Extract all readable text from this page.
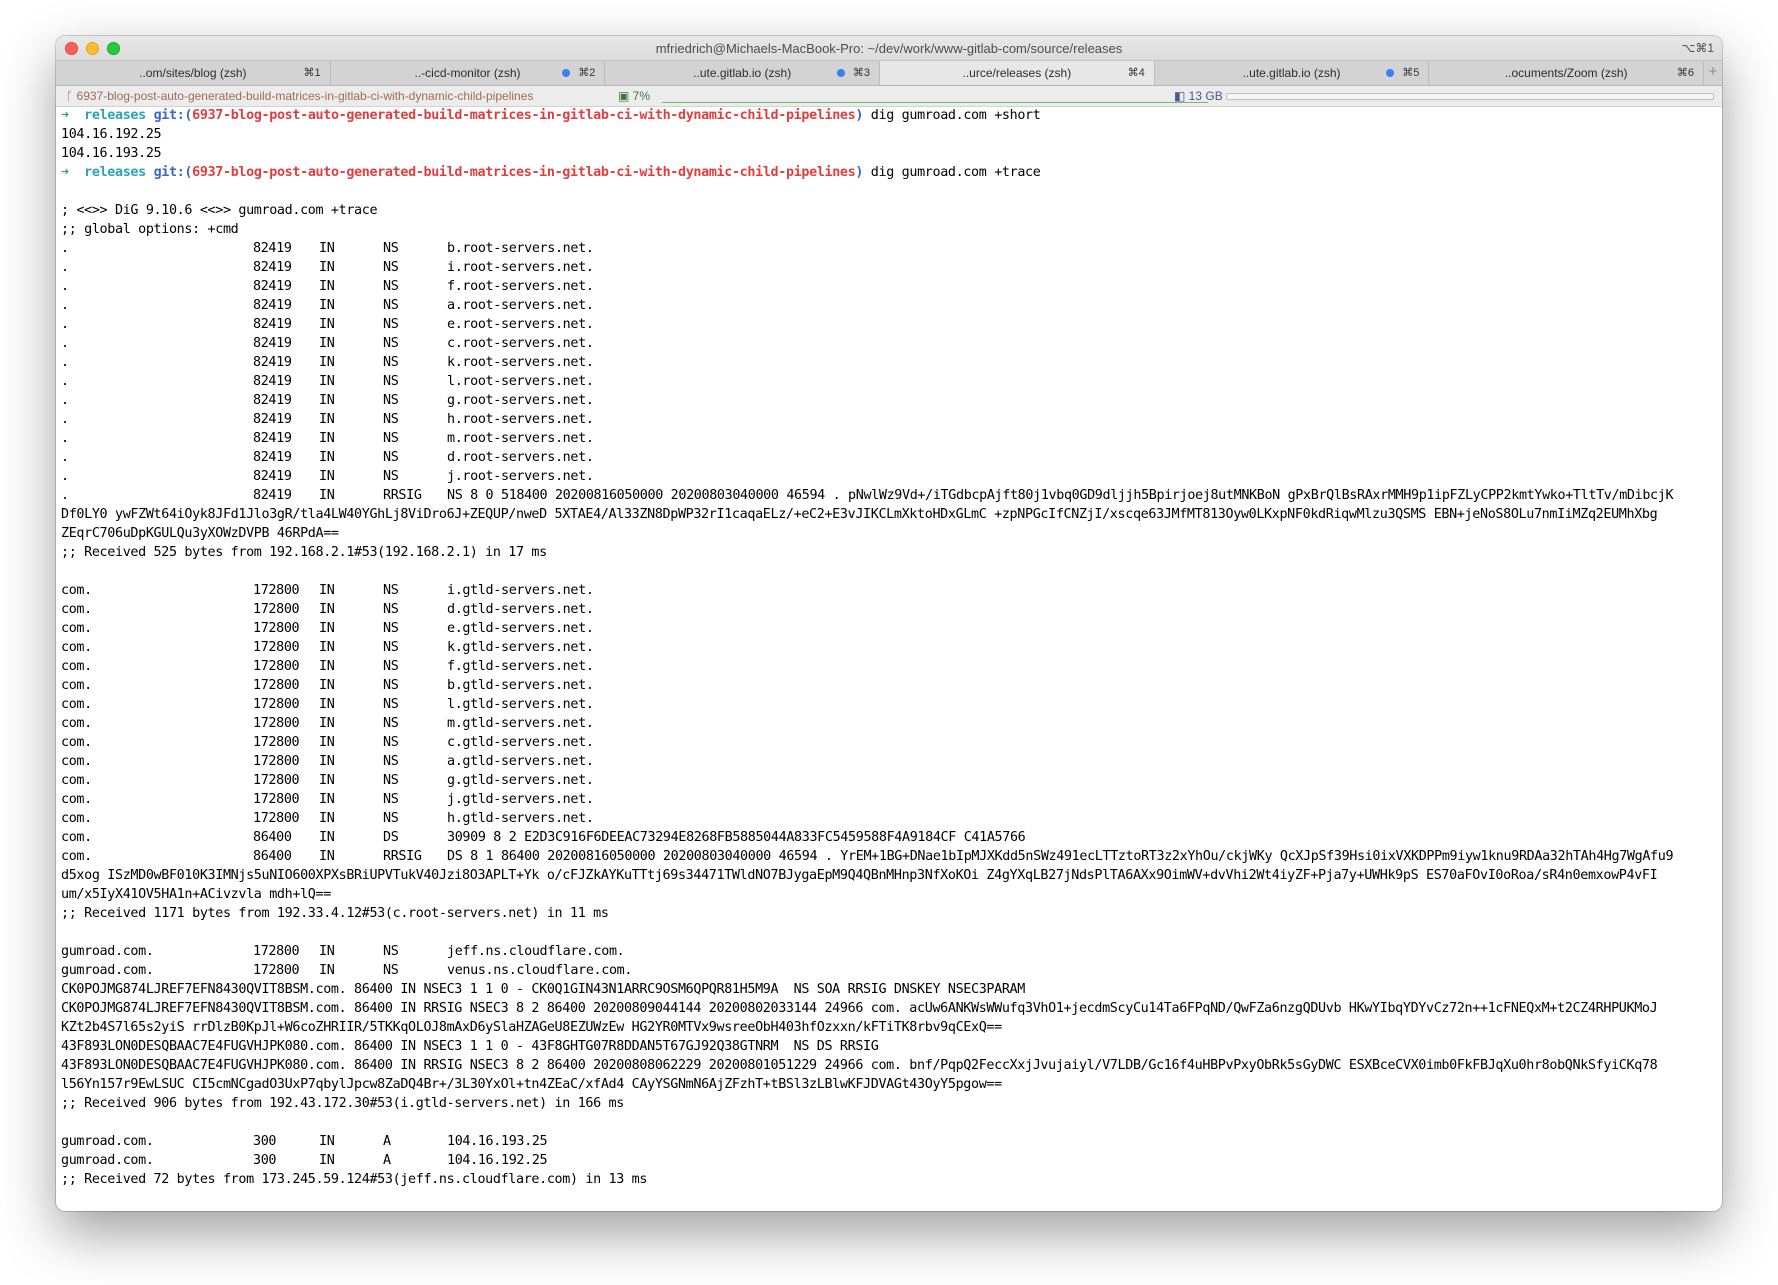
mfriedrich@Michaels-MacBook-Pro: ~/dev/work/www-gitlab-com/source/releases	⌥⌘1
..om/sites/blog (zsh)	⌘1	..-cicd-monitor (zsh)	⌘2	..ute.gitlab.io (zsh)	⌘3	..urce/releases (zsh)	⌘4	..ute.gitlab.io (zsh)	⌘5	..ocuments/Zoom (zsh)	⌘6 +
ᚴ 6937-blog-post-auto-generated-build-matrices-in-gitlab-ci-with-dynamic-child-pipelines	▣ 7%	◧ 13 GB
➜ releases git:(6937-blog-post-auto-generated-build-matrices-in-gitlab-ci-with-dynamic-child-pipelines) dig gumroad.com +short
104.16.192.25
104.16.193.25
➜ releases git:(6937-blog-post-auto-generated-build-matrices-in-gitlab-ci-with-dynamic-child-pipelines) dig gumroad.com +trace
; <<>> DiG 9.10.6 <<>> gumroad.com +trace
;; global options: +cmd
.	82419 IN	NS	b.root-servers.net.
.	82419 IN	NS	i.root-servers.net.
.	82419 IN	NS	f.root-servers.net.
.	82419 IN	NS	a.root-servers.net.
.	82419 IN	NS	e.root-servers.net.
.	82419 IN	NS	c.root-servers.net.
.	82419 IN	NS	k.root-servers.net.
.	82419 IN	NS	l.root-servers.net.
.	82419 IN	NS	g.root-servers.net.
.	82419 IN	NS	h.root-servers.net.
.	82419 IN	NS	m.root-servers.net.
.	82419 IN	NS	d.root-servers.net.
.	82419 IN	NS	j.root-servers.net.
.	82419 IN	RRSIG NS 8 0 518400 20200816050000 20200803040000 46594 . pNwlWz9Vd+/iTGdbcpAjft80j1vbq0GD9dljjh5Bpirjoej8utMNKBoN gPxBrQlBsRAxrMMH9p1ipFZLyCPP2kmtYwko+TltTv/mDibcjK
Df0LY0 ywFZWt64iOyk8JFd1Jlo3gR/tla4LW40YGhLj8ViDro6J+ZEQUP/nweD 5XTAE4/Al33ZN8DpWP32rI1caqaELz/+eC2+E3vJIKCLmXktoHDxGLmC +zpNPGcIfCNZjI/xscqe63JMfMT813Oyw0LKxpNF0kdRiqwMlzu3QSMS EBN+jeNoS8OLu7nmIiMZq2EUMhXbg
ZEqrC706uDpKGULQu3yXOWzDVPB 46RPdA==
;; Received 525 bytes from 192.168.2.1#53(192.168.2.1) in 17 ms
com.	172800 IN	NS	i.gtld-servers.net.
com.	172800 IN	NS	d.gtld-servers.net.
com.	172800 IN	NS	e.gtld-servers.net.
com.	172800 IN	NS	k.gtld-servers.net.
com.	172800 IN	NS	f.gtld-servers.net.
com.	172800 IN	NS	b.gtld-servers.net.
com.	172800 IN	NS	l.gtld-servers.net.
com.	172800 IN	NS	m.gtld-servers.net.
com.	172800 IN	NS	c.gtld-servers.net.
com.	172800 IN	NS	a.gtld-servers.net.
com.	172800 IN	NS	g.gtld-servers.net.
com.	172800 IN	NS	j.gtld-servers.net.
com.	172800 IN	NS	h.gtld-servers.net.
com.	86400 IN	DS	30909 8 2 E2D3C916F6DEEAC73294E8268FB5885044A833FC5459588F4A9184CF C41A5766
com.	86400 IN	RRSIG DS 8 1 86400 20200816050000 20200803040000 46594 . YrEM+1BG+DNae1bIpMJXKdd5nSWz491ecLTTztoRT3z2xYhOu/ckjWKy QcXJpSf39Hsi0ixVXKDPPm9iyw1knu9RDAa32hTAh4Hg7WgAfu9
d5xog ISzMD0wBF010K3IMNjs5uNIO600XPXsBRiUPVTukV40Jzi8O3APLT+Yk o/cFJZkAYKuTTtj69s34471TWldNO7BJygaEpM9Q4QBnMHnp3NfXoKOi Z4gYXqLB27jNdsPlTA6AXx9OimWV+dvVhi2Wt4iyZF+Pja7y+UWHk9pS ES70aFOvI0oRoa/sR4n0emxowP4vFI
um/x5IyX41OV5HA1n+ACivzvla mdh+lQ==
;; Received 1171 bytes from 192.33.4.12#53(c.root-servers.net) in 11 ms
gumroad.com.	172800 IN	NS	jeff.ns.cloudflare.com.
gumroad.com.	172800 IN	NS	venus.ns.cloudflare.com.
CK0POJMG874LJREF7EFN8430QVIT8BSM.com. 86400 IN NSEC3 1 1 0 - CK0Q1GIN43N1ARRC9OSM6QPQR81H5M9A  NS SOA RRSIG DNSKEY NSEC3PARAM
CK0POJMG874LJREF7EFN8430QVIT8BSM.com. 86400 IN RRSIG NSEC3 8 2 86400 20200809044144 20200802033144 24966 com. acUw6ANKWsWWufq3VhO1+jecdmScyCu14Ta6FPqND/QwFZa6nzgQDUvb HKwYIbqYDYvCz72n++1cFNEQxM+t2CZ4RHPUKMoJ
KZt2b4S7l65s2yiS rrDlzB0KpJl+W6coZHRIIR/5TKKqOLOJ8mAxD6ySlaHZAGeU8EZUWzEw HG2YR0MTVx9wsreeObH403hfOzxxn/kFTiTK8rbv9qCExQ==
43F893LON0DESQBAAC7E4FUGVHJPK080.com. 86400 IN NSEC3 1 1 0 - 43F8GHTG07R8DDAN5T67GJ92Q38GTNRM  NS DS RRSIG
43F893LON0DESQBAAC7E4FUGVHJPK080.com. 86400 IN RRSIG NSEC3 8 2 86400 20200808062229 20200801051229 24966 com. bnf/PqpQ2FeccXxjJvujaiyl/V7LDB/Gc16f4uHBPvPxyObRk5sGyDWC ESXBceCVX0imb0FkFBJqXu0hr8obQNkSfyiCKq78
l56Yn157r9EwLSUC CI5cmNCgadO3UxP7qbylJpcw8ZaDQ4Br+/3L30YxOl+tn4ZEaC/xfAd4 CAyYSGNmN6AjZFzhT+tBSl3zLBlwKFJDVAGt43OyY5pgow==
;; Received 906 bytes from 192.43.172.30#53(i.gtld-servers.net) in 166 ms
gumroad.com.	300	IN	A	104.16.193.25
gumroad.com.	300	IN	A	104.16.192.25
;; Received 72 bytes from 173.245.59.124#53(jeff.ns.cloudflare.com) in 13 ms
